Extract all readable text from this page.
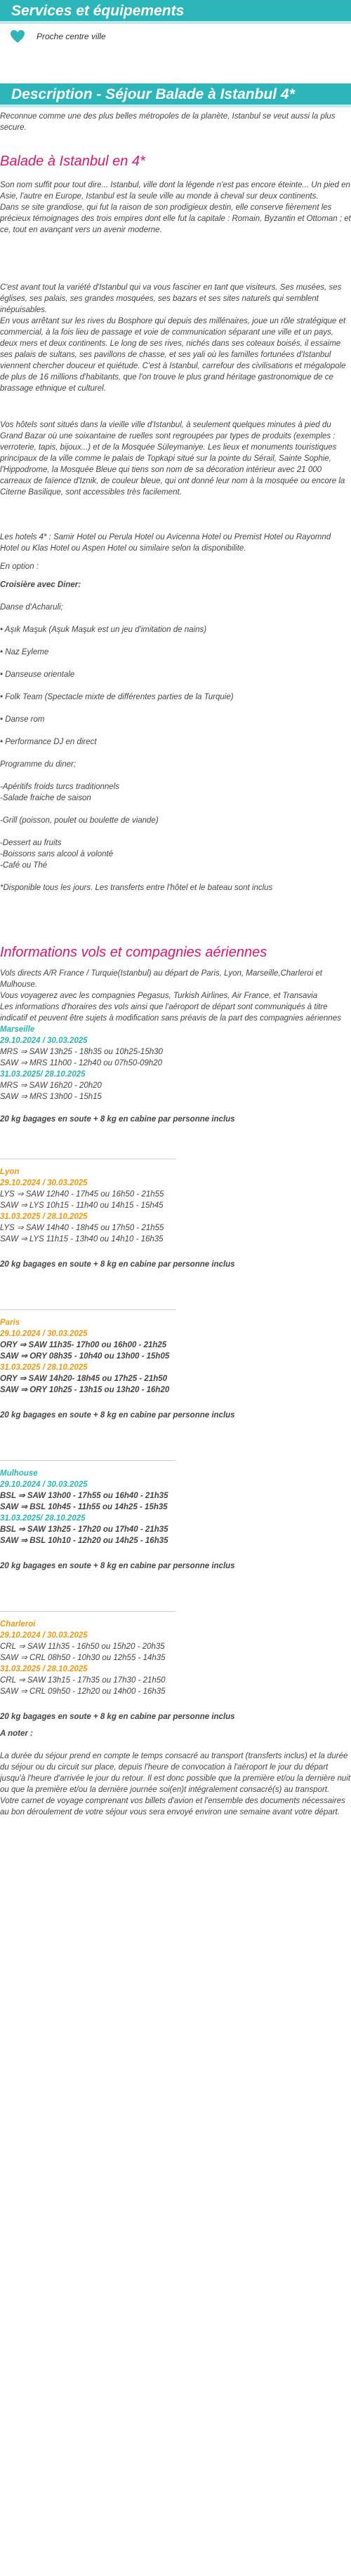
Services et équipements
Proche centre ville
Description - Séjour Balade à Istanbul 4*

Reconnue comme une des plus belles métropoles de la planète, Istanbul se veut aussi la plus secure.

Balade à Istanbul en 4*

Son nom suffit pour tout dire... Istanbul, ville dont la légende n'est pas encore éteinte... Un pied en Asie, l'autre en Europe, Istanbul est la seule ville au monde à cheval sur deux continents.

Dans se site grandiose, qui fut la raison de son prodigieux destin, elle conserve fièrement les précieux témoignages des trois empires dont elle fut la capitale : Romain, Byzantin et Ottoman ; et ce, tout en avançant vers un avenir moderne.

C'est avant tout la variété d'Istanbul qui va vous fasciner en tant que visiteurs. Ses musées, ses églises, ses palais, ses grandes mosquées, ses bazars et ses sites naturels qui semblent inépuisables.

En vous arrêtant sur les rives du Bosphore qui depuis des millénaires, joue un rôle stratégique et commercial, à la fois lieu de passage et voie de communication séparant une ville et un pays, deux mers et deux continents. Le long de ses rives, nichés dans ses coteaux boisés, il essaime ses palais de sultans, ses pavillons de chasse, et ses yali où les familles fortunées d'Istanbul viennent chercher douceur et quiétude. C'est à Istanbul, carrefour des civilisations et mégalopole de plus de 16 millions d'habitants, que l'on trouve le plus grand héritage gastronomique de ce brassage ethnique et culturel.

Vos hôtels sont situés dans la vieille ville d'Istanbul, à seulement quelques minutes à pied du Grand Bazar où une soixantaine de ruelles sont regroupées par types de produits (exemples : verroterie, tapis, bijoux...) et de la Mosquée Süleymaniye. Les lieux et monuments touristiques principaux de la ville comme le palais de Topkapi situé sur la pointe du Sérail, Sainte Sophie, l'Hippodrome, la Mosquée Bleue qui tiens son nom de sa décoration intérieur avec 21 000 carreaux de faïence d'Iznik, de couleur bleue, qui ont donné leur nom à la mosquée ou encore la Citerne Basilique, sont accessibles très facilement.

Les hotels 4* : Samir Hotel ou Perula Hotel ou Avicenna Hotel ou Premist Hotel ou Rayomnd Hotel ou Klas Hotel ou Aspen Hotel ou similaire selon la disponibilite.

En option :

Croisière avec Diner:

Danse d'Acharuli;

• Aşık Maşuk (Aşuk Maşuk est un jeu d'imitation de nains)

• Naz Eyleme

• Danseuse orientale

• Folk Team (Spectacle mixte de différentes parties de la Turquie)

• Danse rom

• Performance DJ en direct

Programme du diner;

-Apéritifs froids turcs traditionnels

-Salade fraiche de saison

-Grill (poisson, poulet ou boulette de viande)

-Dessert au fruits

-Boissons sans alcool à volonté

-Café ou Thé

*Disponible tous les jours. Les transferts entre l'hôtel et le bateau sont inclus

Informations vols et compagnies aériennes

Vols directs A/R France / Turquie(Istanbul) au départ de Paris, Lyon, Marseille,Charleroi et Mulhouse.

Vous voyagerez avec les compagnies Pegasus, Turkish Airlines, Air France, et Transavia

Les informations d'horaires des vols ainsi que l'aéroport de départ sont communiqués à titre indicatif et peuvent être sujets à modification sans préavis de la part des compagnies aériennes

Marseille

29.10.2024 / 30.03.2025

MRS ⇒ SAW 13h25 - 18h35 ou 10h25-15h30

SAW ⇒ MRS 11h00 - 12h40 ou 07h50-09h20

31.03.2025/ 28.10.2025

MRS ⇒ SAW 16h20 - 20h20

SAW ⇒ MRS 13h00 - 15h15

20 kg bagages en soute + 8 kg en cabine par personne inclus

Lyon

29.10.2024 / 30.03.2025

LYS ⇒ SAW 12h40 - 17h45 ou 16h50 - 21h55

SAW ⇒ LYS 10h15 - 11h40 ou 14h15 - 15h45

31.03.2025 / 28.10.2025

LYS ⇒ SAW 14h40 - 18h45 ou 17h50 - 21h55

SAW ⇒ LYS 11h15 - 13h40 ou 14h10 - 16h35

20 kg bagages en soute + 8 kg en cabine par personne inclus

Paris

29.10.2024 / 30.03.2025

ORY ⇒ SAW 11h35- 17h00 ou 16h00 - 21h25

SAW ⇒ ORY 08h35 - 10h40 ou 13h00 - 15h05

31.03.2025 / 28.10.2025

ORY ⇒ SAW 14h20- 18h45 ou 17h25 - 21h50

SAW ⇒ ORY 10h25 - 13h15 ou 13h20 - 16h20

20 kg bagages en soute + 8 kg en cabine par personne inclus

Mulhouse

29.10.2024 / 30.03.2025

BSL ⇒ SAW 13h00 - 17h55 ou 16h40 - 21h35

SAW ⇒ BSL 10h45 - 11h55 ou 14h25 - 15h35

31.03.2025/ 28.10.2025

BSL ⇒ SAW 13h25 - 17h20 ou 17h40 - 21h35

SAW ⇒ BSL 10h10 - 12h20 ou 14h25 - 16h35

20 kg bagages en soute + 8 kg en cabine par personne inclus

Charleroi

29.10.2024 / 30.03.2025

CRL ⇒ SAW 11h35 - 16h50 ou 15h20 - 20h35

SAW ⇒ CRL 08h50 - 10h30 ou 12h55 - 14h35

31.03.2025 / 28.10.2025

CRL ⇒ SAW 13h15 - 17h35 ou 17h30 - 21h50

SAW ⇒ CRL 09h50 - 12h20 ou 14h00 - 16h35

20 kg bagages en soute + 8 kg en cabine par personne inclus

A noter :

La durée du séjour prend en compte le temps consacré au transport (transferts inclus) et la durée du séjour ou du circuit sur place, depuis l'heure de convocation à l'aéroport le jour du départ jusqu'à l'heure d'arrivée le jour du retour. Il est donc possible que la première et/ou la dernière nuit ou que la première et/ou la dernière journée soi(en)t intégralement consacré(s) au transport.

Votre carnet de voyage comprenant vos billets d'avion et l'ensemble des documents nécessaires au bon déroulement de votre séjour vous sera envoyé environ une semaine avant votre départ.
